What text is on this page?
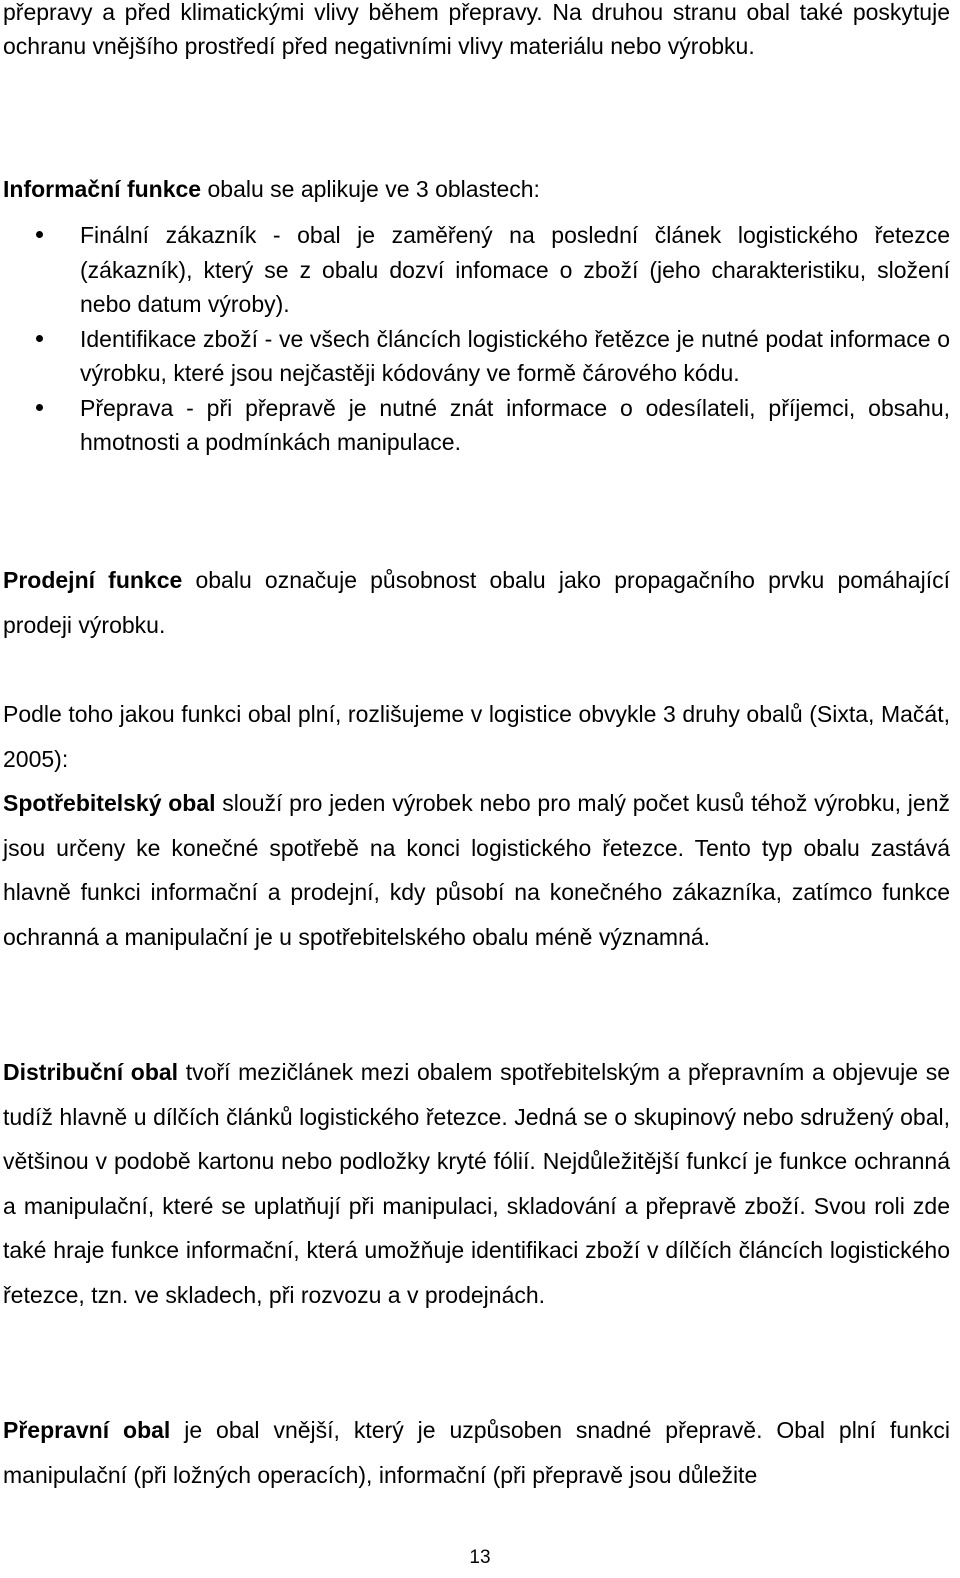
přepravy a před klimatickými vlivy během přepravy. Na druhou stranu obal také poskytuje ochranu vnějšího prostředí před negativními vlivy materiálu nebo výrobku.

Informační funkce obalu se aplikuje ve 3 oblastech:

Finální zákazník - obal je zaměřený na poslední článek logistického řetezce (zákazník), který se z obalu dozví infomace o zboží (jeho charakteristiku, složení nebo datum výroby).
Identifikace zboží - ve všech článcích logistického řetězce je nutné podat informace o výrobku, které jsou nejčastěji kódovány ve formě čárového kódu.
Přeprava - při přepravě je nutné znát informace o odesílateli, příjemci, obsahu, hmotnosti a podmínkách manipulace.

Prodejní funkce obalu označuje působnost obalu jako propagačního prvku pomáhající prodeji výrobku.

Podle toho jakou funkci obal plní, rozlišujeme v logistice obvykle 3 druhy obalů (Sixta, Mačát, 2005):

Spotřebitelský obal slouží pro jeden výrobek nebo pro malý počet kusů téhož výrobku, jenž jsou určeny ke konečné spotřebě na konci logistického řetezce. Tento typ obalu zastává hlavně funkci informační a prodejní, kdy působí na konečného zákazníka, zatímco funkce ochranná a manipulační je u spotřebitelského obalu méně významná.

Distribuční obal tvoří mezičlánek mezi obalem spotřebitelským a přepravním a objevuje se tudíž hlavně u dílčích článků logistického řetezce. Jedná se o skupinový nebo sdružený obal, většinou v podobě kartonu nebo podložky kryté fólií. Nejdůležitější funkcí je funkce ochranná a manipulační, které se uplatňují při manipulaci, skladování a přepravě zboží. Svou roli zde také hraje funkce informační, která umožňuje identifikaci zboží v dílčích článcích logistického řetezce, tzn. ve skladech, při rozvozu a v prodejnách.

Přepravní obal je obal vnější, který je uzpůsoben snadné přepravě. Obal plní funkci manipulační (při ložných operacích), informační (při přepravě jsou důležite

13
